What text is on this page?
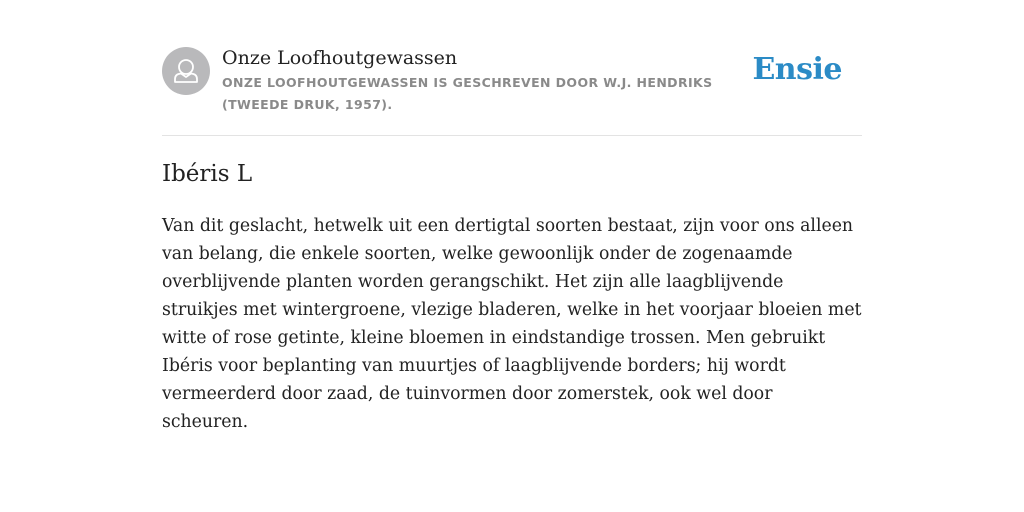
Onze Loofhoutgewassen
ONZE LOOFHOUTGEWASSEN IS GESCHREVEN DOOR W.J. HENDRIKS (TWEEDE DRUK, 1957).
Ensie
Ibéris L

Van dit geslacht, hetwelk uit een dertigtal soorten bestaat, zijn voor ons alleen van belang, die enkele soorten, welke gewoonlijk onder de zogenaamde overblijvende planten worden gerangschikt. Het zijn alle laagblijvende struikjes met wintergroene, vlezige bladeren, welke in het voorjaar bloeien met witte of rose getinte, kleine bloemen in eindstandige trossen. Men gebruikt Ibéris voor beplanting van muurtjes of laagblijvende borders; hij wordt vermeerderd door zaad, de tuinvormen door zomerstek, ook wel door scheuren.
